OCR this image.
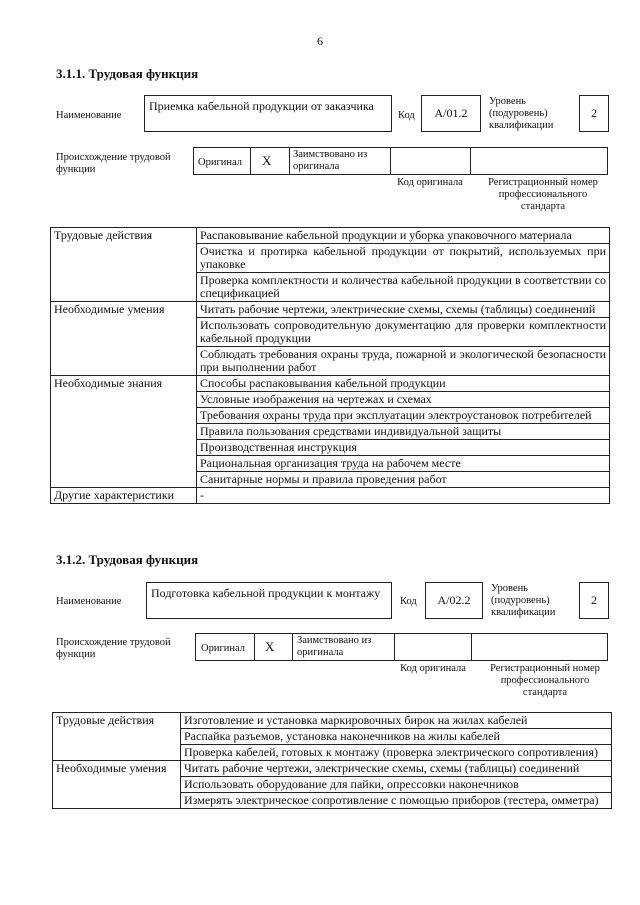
6
3.1.1. Трудовая функция
Наименование
Приемка кабельной продукции от заказчика
Код	A/01.2
Уровень (подуровень) квалификации
2
Происхождение трудовой функции
Оригинал X Заимствовано из оригинала
Код оригинала	Регистрационный номер профессионального стандарта
Трудовые действия	Распаковывание кабельной продукции и уборка упаковочного материала
	Очистка и протирка кабельной продукции от покрытий, используемых при упаковке
	Проверка комплектности и количества кабельной продукции в соответствии со спецификацией
Необходимые умения	Читать рабочие чертежи, электрические схемы, схемы (таблицы) соединений
	Использовать сопроводительную документацию для проверки комплектности кабельной продукции
	Соблюдать требования охраны труда, пожарной и экологической безопасности при выполнении работ
Необходимые знания	Способы распаковывания кабельной продукции
	Условные изображения на чертежах и схемах
	Требования охраны труда при эксплуатации электроустановок потребителей
	Правила пользования средствами индивидуальной защиты
	Производственная инструкция
	Рациональная организация труда на рабочем месте
	Санитарные нормы и правила проведения работ
Другие характеристики	-
3.1.2. Трудовая функция
Наименование
Подготовка кабельной продукции к монтажу
Код	A/02.2
Уровень (подуровень) квалификации
2
Происхождение трудовой функции
Оригинал X Заимствовано из оригинала
Код оригинала	Регистрационный номер профессионального стандарта
Трудовые действия	Изготовление и установка маркировочных бирок на жилах кабелей
	Распайка разъемов, установка наконечников на жилы кабелей
	Проверка кабелей, готовых к монтажу (проверка электрического сопротивления)
Необходимые умения	Читать рабочие чертежи, электрические схемы, схемы (таблицы) соединений
	Использовать оборудование для пайки, опрессовки наконечников
	Измерять электрическое сопротивление с помощью приборов (тестера, омметра)
